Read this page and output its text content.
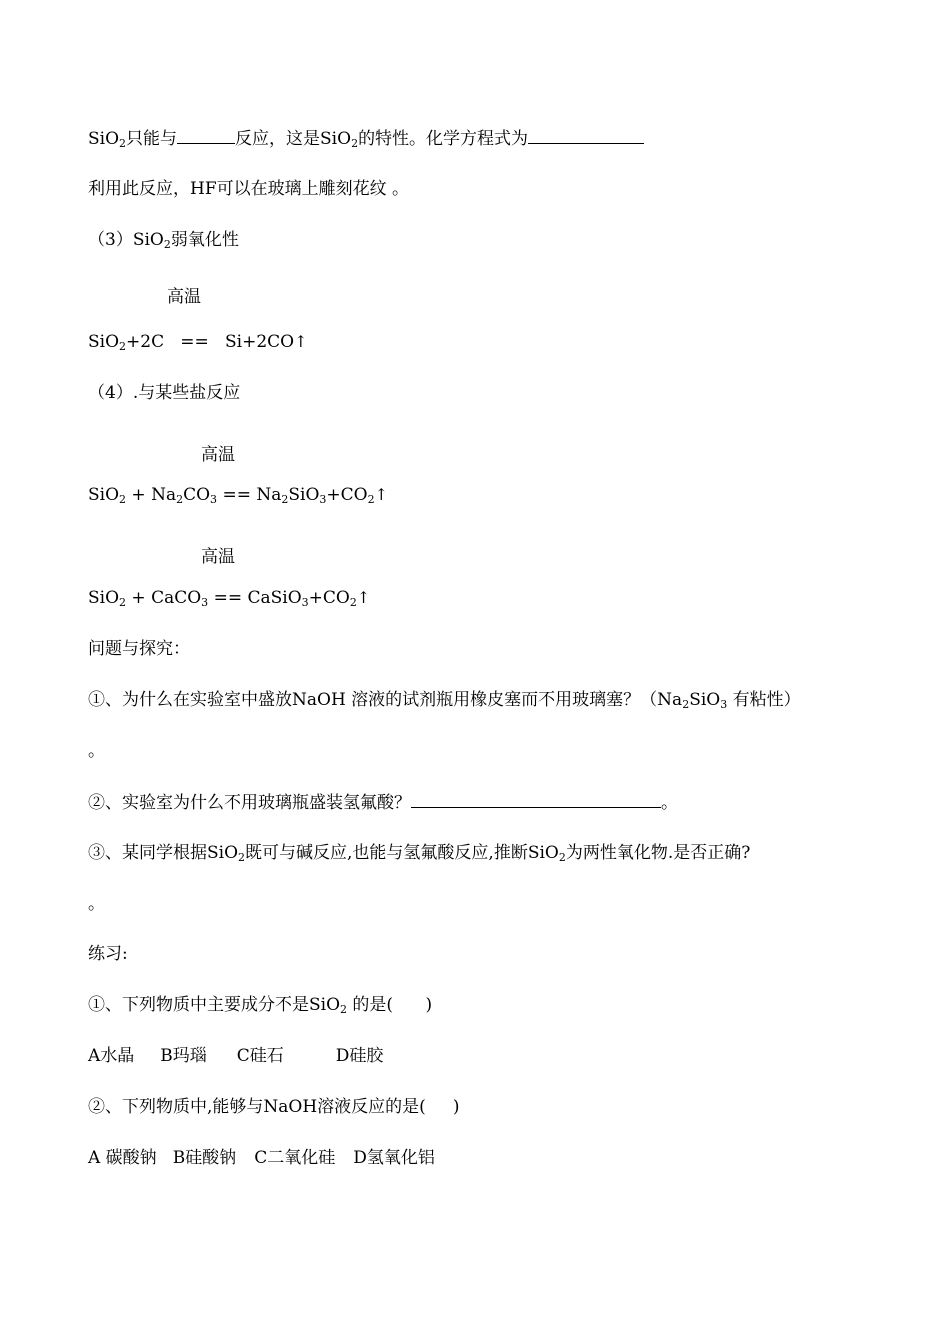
SiO$_2$只能与	反应，这是SiO$_2$的特性。化学方程式为
利用此反应，HF可以在玻璃上雕刻花纹 。
（3）SiO$_2$弱氧化性
高温
SiO$_2$+2C   ==   Si+2CO↑
（4）.与某些盐反应
高温
$SiO_2 + Na_2CO_3$ == $Na_2SiO_3+CO_2↑$
高温
SiO$_2$ + CaCO$_3$ == $CaSiO_3+CO_2↑$
问题与探究：
①、为什么在实验室中盛放NaOH 溶液的试剂瓶用橡皮塞而不用玻璃塞？（$Na_2SiO_3$ 有粘性）
。
②、实验室为什么不用玻璃瓶盛装氢氟酸？	。
③、某同学根据SiO$_2$既可与碱反应,也能与氢氟酸反应,推断SiO$_2$为两性氧化物.是否正确?
。
练习:
①、下列物质中主要成分不是SiO$_2$ 的是(      )
A水晶 B玛瑙 C硅石	D硅胶
②、下列物质中,能够与NaOH溶液反应的是(     )
A 碳酸钠 B硅酸钠 C二氧化硅 D氢氧化铝
